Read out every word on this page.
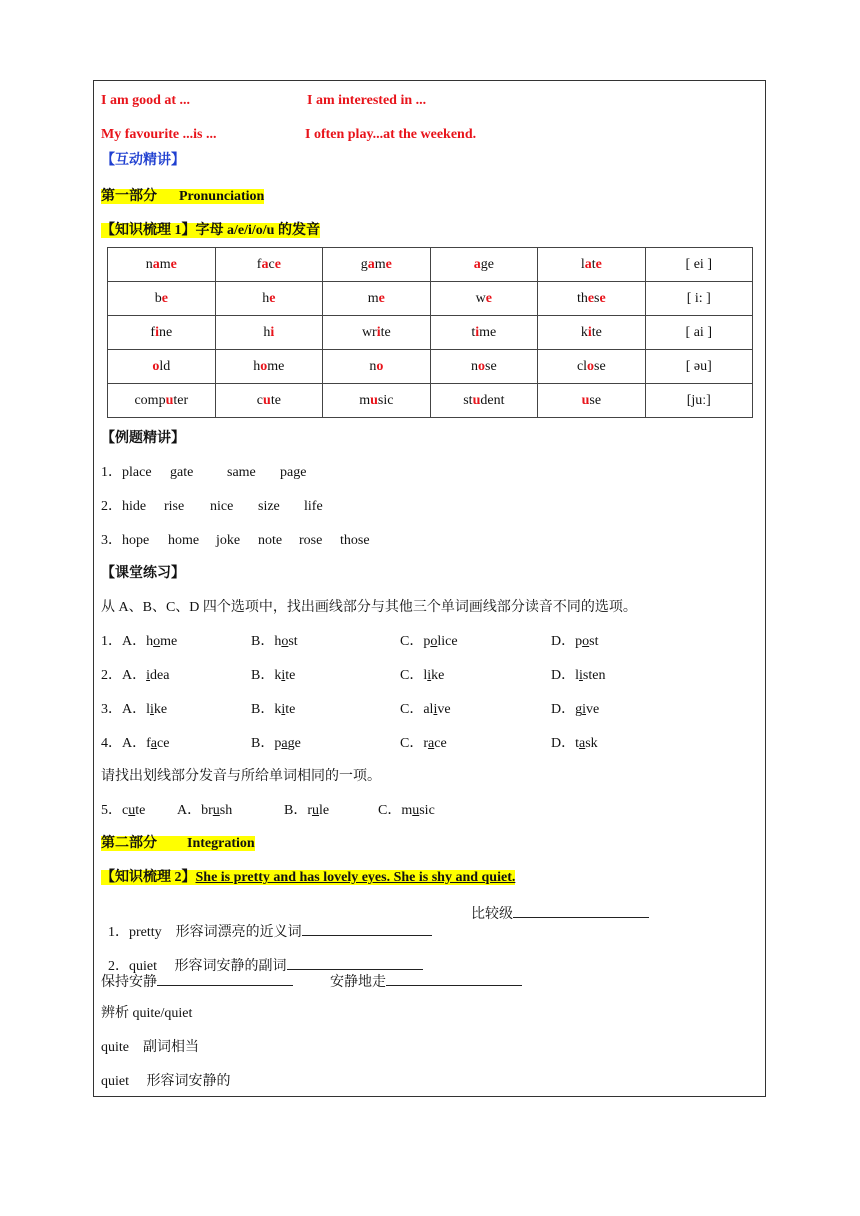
I am good at ...	I am interested in ...
My favourite ...is ...	I often play...at the weekend.
【互动精讲】
第一部分 Pronunciation
【知识梳理 1】字母 a/e/i/o/u 的发音
name	face	game	age	late	[ ei ]
be	he	me	we	these	[ i: ]
fine	hi	write	time	kite	[ ai ]
old	home	no	nose	close	[ əu]
computer	cute	music	student	use	[juː]
【例题精讲】
1．place gate same page
2．hide rise nice size life
3．hope home joke note rose those
【课堂练习】
从 A、B、C、D 四个选项中，找出画线部分与其他三个单词画线部分读音不同的选项。
1．A．home	B．host	C．police	D．post
2．A．idea	B．kite	C．like	D．listen
3．A．like	B．kite	C．alive	D．give
4．A．face	B．page	C．race	D．task
请找出划线部分发音与所给单词相同的一项。
5．cute A．brush	B．rule	C．music
第二部分 Integration
【知识梳理 2】She is pretty and has lovely eyes. She is shy and quiet.

1．pretty    形容词漂亮的近义词

比较级

2．quiet     形容词安静的副词

保持安静	安静地走
辨析 quite/quiet
quite    副词相当
quiet     形容词安静的
